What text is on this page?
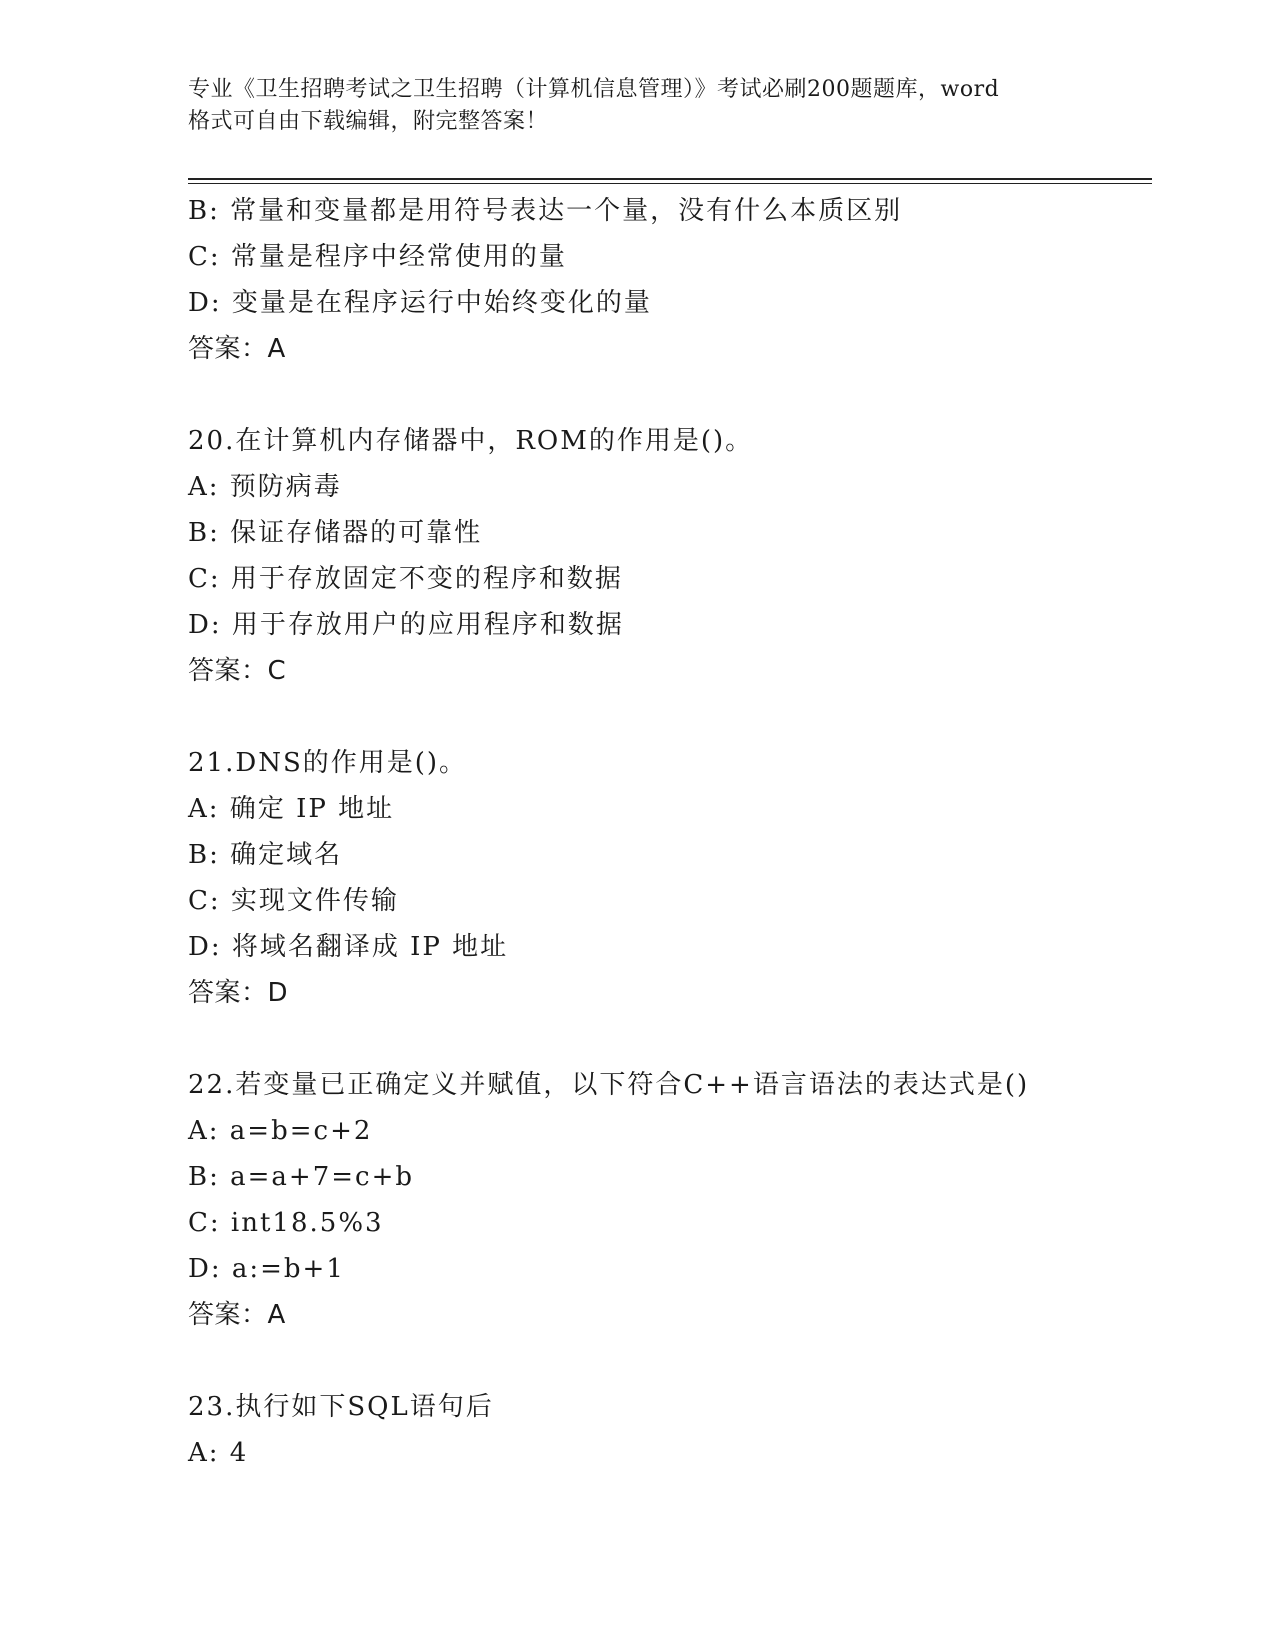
专业《卫生招聘考试之卫生招聘（计算机信息管理）》考试必刷200题题库，word
格式可自由下载编辑，附完整答案！
B: 常量和变量都是用符号表达一个量，没有什么本质区别
C: 常量是程序中经常使用的量
D: 变量是在程序运行中始终变化的量
答案：A
20.在计算机内存储器中，ROM的作用是()。
A: 预防病毒
B: 保证存储器的可靠性
C: 用于存放固定不变的程序和数据
D: 用于存放用户的应用程序和数据
答案：C
21.DNS的作用是()。
A: 确定 IP 地址
B: 确定域名
C: 实现文件传输
D: 将域名翻译成 IP 地址
答案：D
22.若变量已正确定义并赋值，以下符合C++语言语法的表达式是()
A: a=b=c+2
B: a=a+7=c+b
C: int18.5%3
D: a:=b+1
答案：A
23.执行如下SQL语句后
A: 4
